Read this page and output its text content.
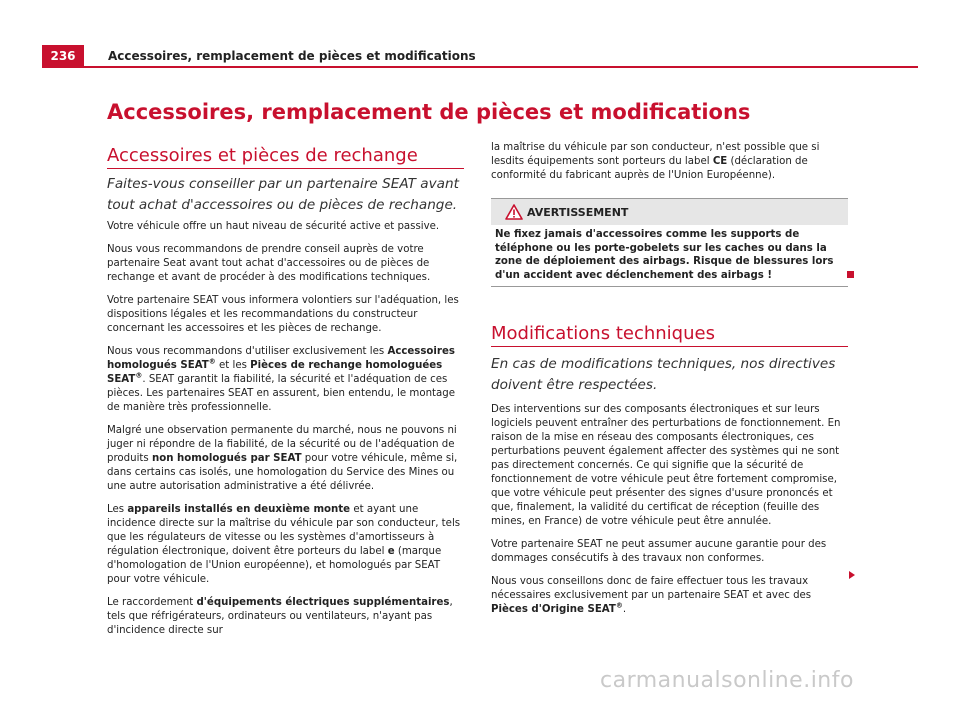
236	Accessoires, remplacement de pièces et modifications
Accessoires, remplacement de pièces et modifications
Accessoires et pièces de rechange
Faites-vous conseiller par un partenaire SEAT avant tout achat d'accessoires ou de pièces de rechange.

Votre véhicule offre un haut niveau de sécurité active et passive.

Nous vous recommandons de prendre conseil auprès de votre partenaire Seat avant tout achat d'accessoires ou de pièces de rechange et avant de procéder à des modifications techniques.

Votre partenaire SEAT vous informera volontiers sur l'adéquation, les dispositions légales et les recommandations du constructeur concernant les accessoires et les pièces de rechange.

Nous vous recommandons d'utiliser exclusivement les Accessoires homologués SEAT® et les Pièces de rechange homologuées SEAT®. SEAT garantit la fiabilité, la sécurité et l'adéquation de ces pièces. Les partenaires SEAT en assurent, bien entendu, le montage de manière très professionnelle.

Malgré une observation permanente du marché, nous ne pouvons ni juger ni répondre de la fiabilité, de la sécurité ou de l'adéquation de produits non homologués par SEAT pour votre véhicule, même si, dans certains cas isolés, une homologation du Service des Mines ou une autre autorisation administrative a été délivrée.

Les appareils installés en deuxième monte et ayant une incidence directe sur la maîtrise du véhicule par son conducteur, tels que les régulateurs de vitesse ou les systèmes d'amortisseurs à régulation électronique, doivent être porteurs du label e (marque d'homologation de l'Union européenne), et homologués par SEAT pour votre véhicule.

Le raccordement d'équipements électriques supplémentaires, tels que réfrigérateurs, ordinateurs ou ventilateurs, n'ayant pas d'incidence directe sur

la maîtrise du véhicule par son conducteur, n'est possible que si lesdits équipements sont porteurs du label CE (déclaration de conformité du fabricant auprès de l'Union Européenne).

AVERTISSEMENT
Ne fixez jamais d'accessoires comme les supports de téléphone ou les porte-gobelets sur les caches ou dans la zone de déploiement des airbags. Risque de blessures lors d'un accident avec déclenchement des airbags !
Modifications techniques
En cas de modifications techniques, nos directives doivent être respectées.

Des interventions sur des composants électroniques et sur leurs logiciels peuvent entraîner des perturbations de fonctionnement. En raison de la mise en réseau des composants électroniques, ces perturbations peuvent également affecter des systèmes qui ne sont pas directement concernés. Ce qui signifie que la sécurité de fonctionnement de votre véhicule peut être fortement compromise, que votre véhicule peut présenter des signes d'usure prononcés et que, finalement, la validité du certificat de réception (feuille des mines, en France) de votre véhicule peut être annulée.

Votre partenaire SEAT ne peut assumer aucune garantie pour des dommages consécutifs à des travaux non conformes.

Nous vous conseillons donc de faire effectuer tous les travaux nécessaires exclusivement par un partenaire SEAT et avec des Pièces d'Origine SEAT®.

carmanualsonline.info
